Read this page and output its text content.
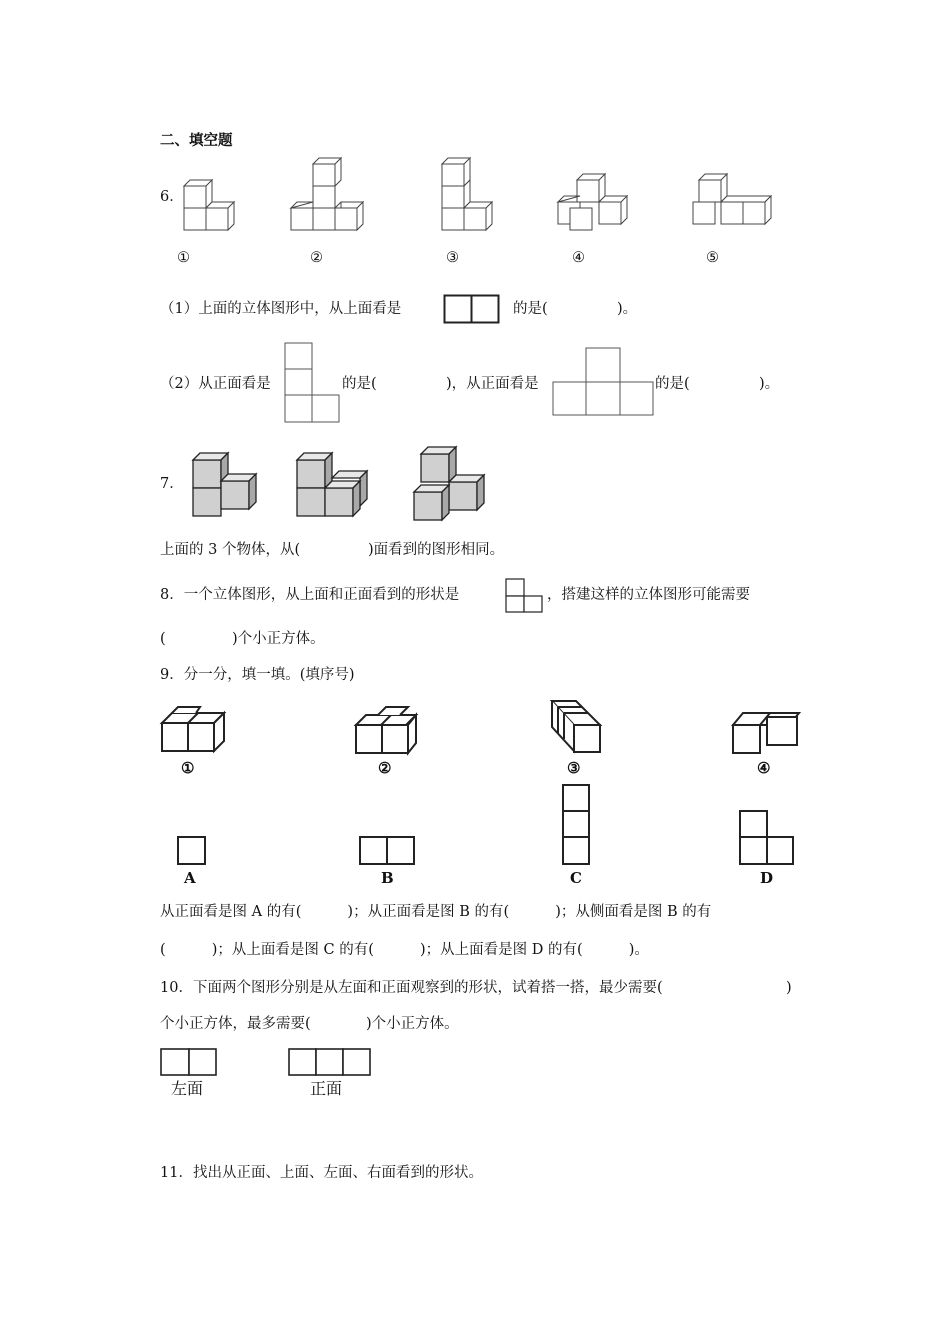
二、填空题
6．
①	②	③	④	⑤
（1）上面的立体图形中，从上面看是	的是(	)。
（2）从正面看是	的是(	)，从正面看是	的是(	)。
7．
上面的 3 个物体，从(	)面看到的图形相同。
8．一个立体图形，从上面和正面看到的形状是	，搭建这样的立体图形可能需要
(	)个小正方体。
9．分一分，填一填。(填序号)
①	②	③	④
A	B	C	D
从正面看是图 A 的有(          )；从正面看是图 B 的有(          )；从侧面看是图 B 的有
(          )；从上面看是图 C 的有(          )；从上面看是图 D 的有(          )。
10．下面两个图形分别是从左面和正面观察到的形状，试着搭一搭，最少需要(	)
个小正方体，最多需要(            )个小正方体。
左面	正面
11．找出从正面、上面、左面、右面看到的形状。
